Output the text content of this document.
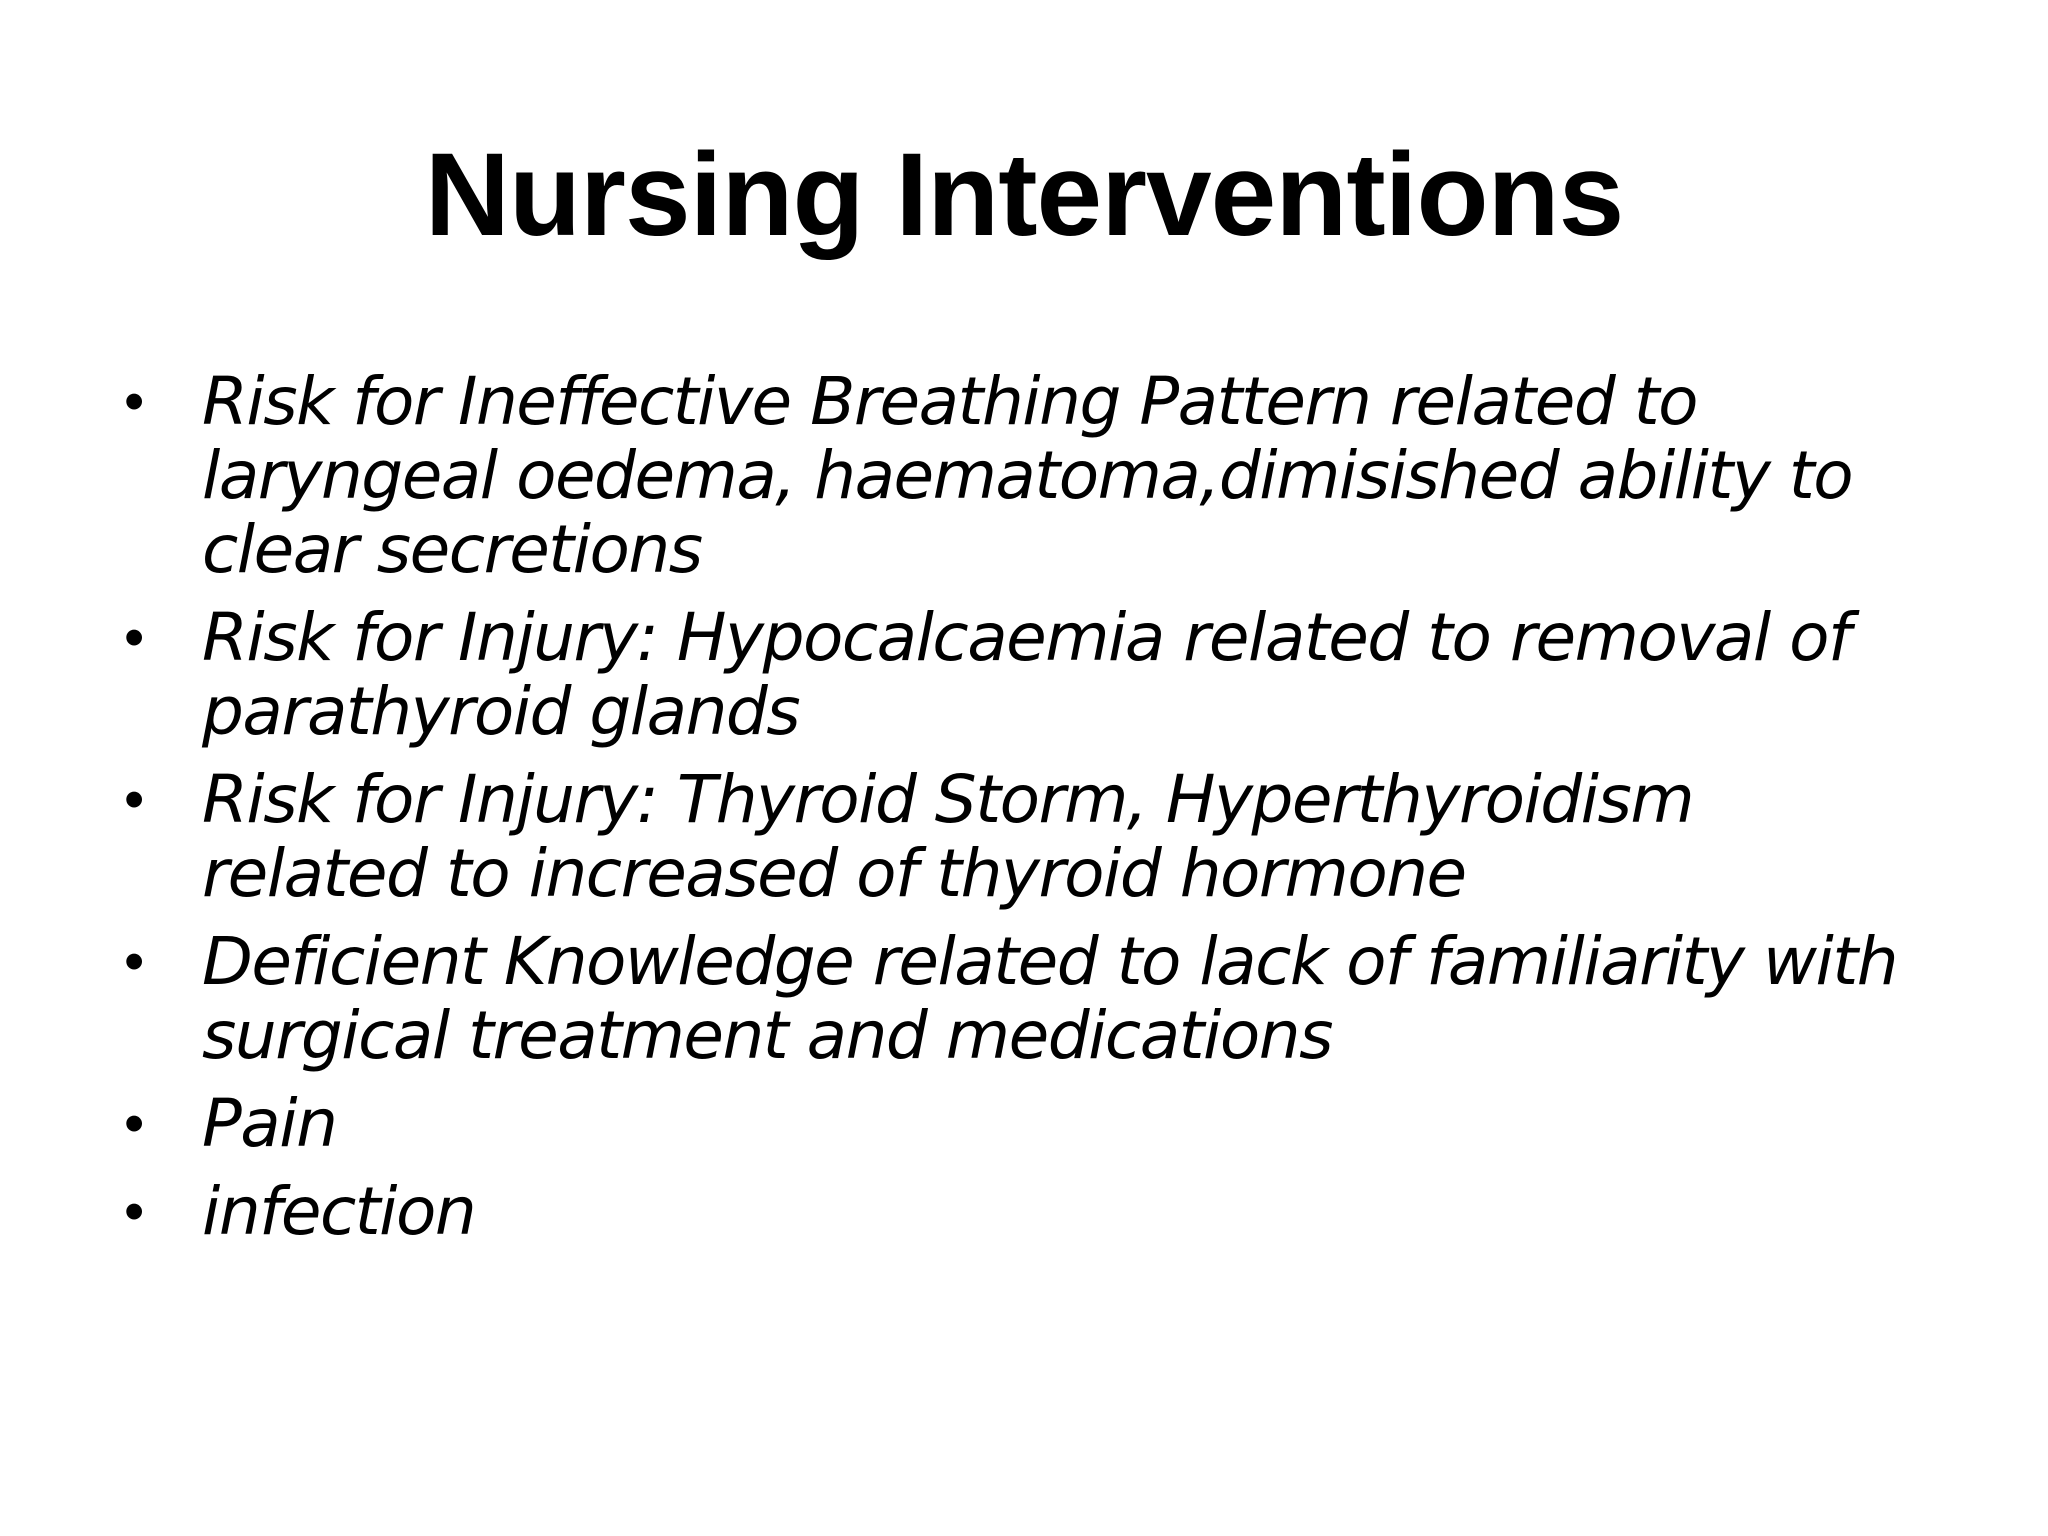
Nursing Interventions
• Risk for Ineffective Breathing Pattern related to laryngeal oedema, haematoma,dimisished ability to clear secretions
• Risk for Injury: Hypocalcaemia related to removal of parathyroid glands
• Risk for Injury: Thyroid Storm, Hyperthyroidism related to increased of thyroid hormone
• Deficient Knowledge related to lack of familiarity with surgical treatment and medications
• Pain
• infection
